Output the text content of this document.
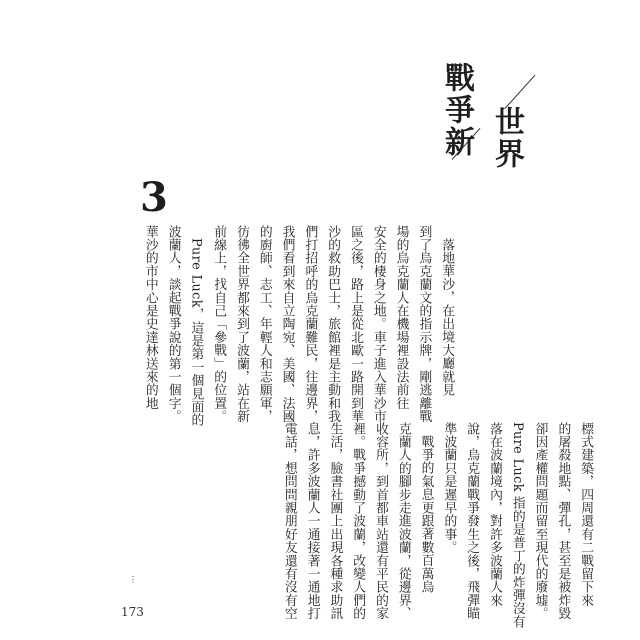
戰爭新 世界
3
落地華沙，在出境大廳就見
到了烏克蘭文的指示牌，剛逃離戰
場的烏克蘭人在機場裡設法前往
安全的棲身之地。車子進入華沙市
區之後，路上是從北歐一路開到華
沙的救助巴士，旅館裡是主動和我
們打招呼的烏克蘭難民，往邊界，
我們看到來自立陶宛、美國、法國
的廚師、志工、年輕人和志願軍，
彷彿全世界都來到了波蘭，站在新
前線上，找自己「參戰」的位置。
Pure Luck，這是第一個見面的
波蘭人，談起戰爭說的第一個字。
華沙的市中心是史達林送來的地
標式建築，四周還有二戰留下來
的屠殺地點、彈孔，甚至是被炸毀
卻因產權問題而留至現代的廢墟。
Pure Luck 指的是普丁的炸彈沒有
落在波蘭境內，對許多波蘭人來
說，烏克蘭戰爭發生之後，飛彈瞄
準波蘭只是遲早的事。
戰爭的氣息更跟著數百萬烏
克蘭人的腳步走進波蘭，從邊界、
收容所，到首都車站還有平民的家
裡。戰爭撼動了波蘭，改變人們的
生活，臉書社團上出現各種求助訊
息，許多波蘭人一通接著一通地打
電話，想問問親朋好友還有沒有空
⋮
173
